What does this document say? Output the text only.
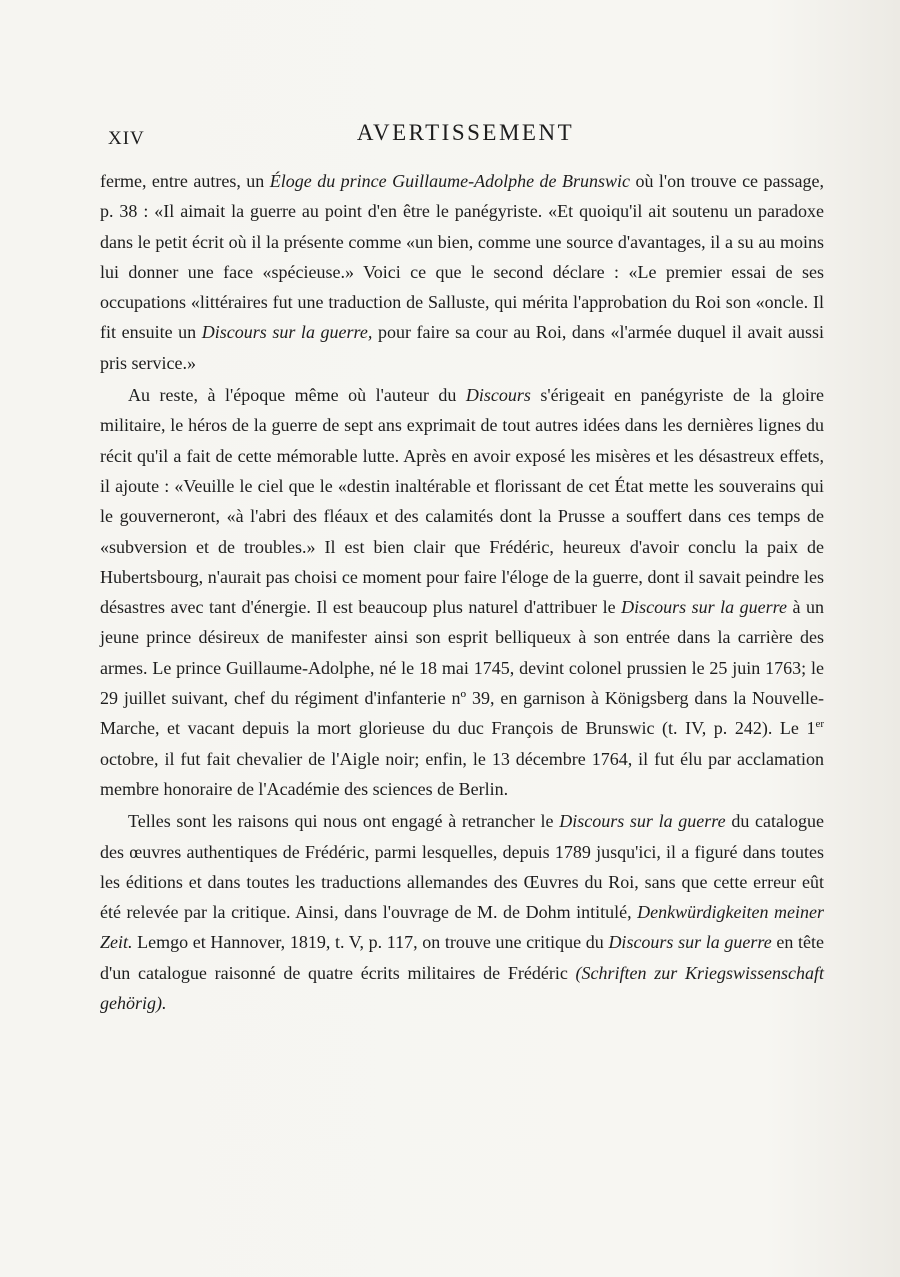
XIV	AVERTISSEMENT

ferme, entre autres, un Éloge du prince Guillaume-Adolphe de Brunswic où l'on trouve ce passage, p. 38 : «Il aimait la guerre au point d'en être le panégyriste. «Et quoiqu'il ait soutenu un paradoxe dans le petit écrit où il la présente comme «un bien, comme une source d'avantages, il a su au moins lui donner une face «spécieuse.» Voici ce que le second déclare : «Le premier essai de ses occupations «littéraires fut une traduction de Salluste, qui mérita l'approbation du Roi son «oncle. Il fit ensuite un Discours sur la guerre, pour faire sa cour au Roi, dans «l'armée duquel il avait aussi pris service.»

Au reste, à l'époque même où l'auteur du Discours s'érigeait en panégyriste de la gloire militaire, le héros de la guerre de sept ans exprimait de tout autres idées dans les dernières lignes du récit qu'il a fait de cette mémorable lutte. Après en avoir exposé les misères et les désastreux effets, il ajoute : «Veuille le ciel que le «destin inaltérable et florissant de cet État mette les souverains qui le gouverneront, «à l'abri des fléaux et des calamités dont la Prusse a souffert dans ces temps de «subversion et de troubles.» Il est bien clair que Frédéric, heureux d'avoir conclu la paix de Hubertsbourg, n'aurait pas choisi ce moment pour faire l'éloge de la guerre, dont il savait peindre les désastres avec tant d'énergie. Il est beaucoup plus naturel d'attribuer le Discours sur la guerre à un jeune prince désireux de manifester ainsi son esprit belliqueux à son entrée dans la carrière des armes. Le prince Guillaume-Adolphe, né le 18 mai 1745, devint colonel prussien le 25 juin 1763; le 29 juillet suivant, chef du régiment d'infanterie nº 39, en garnison à Königsberg dans la Nouvelle-Marche, et vacant depuis la mort glorieuse du duc François de Brunswic (t. IV, p. 242). Le 1er octobre, il fut fait chevalier de l'Aigle noir; enfin, le 13 décembre 1764, il fut élu par acclamation membre honoraire de l'Académie des sciences de Berlin.

Telles sont les raisons qui nous ont engagé à retrancher le Discours sur la guerre du catalogue des œuvres authentiques de Frédéric, parmi lesquelles, depuis 1789 jusqu'ici, il a figuré dans toutes les éditions et dans toutes les traductions allemandes des Œuvres du Roi, sans que cette erreur eût été relevée par la critique. Ainsi, dans l'ouvrage de M. de Dohm intitulé, Denkwürdigkeiten meiner Zeit. Lemgo et Hannover, 1819, t. V, p. 117, on trouve une critique du Discours sur la guerre en tête d'un catalogue raisonné de quatre écrits militaires de Frédéric (Schriften zur Kriegswissenschaft gehörig).
